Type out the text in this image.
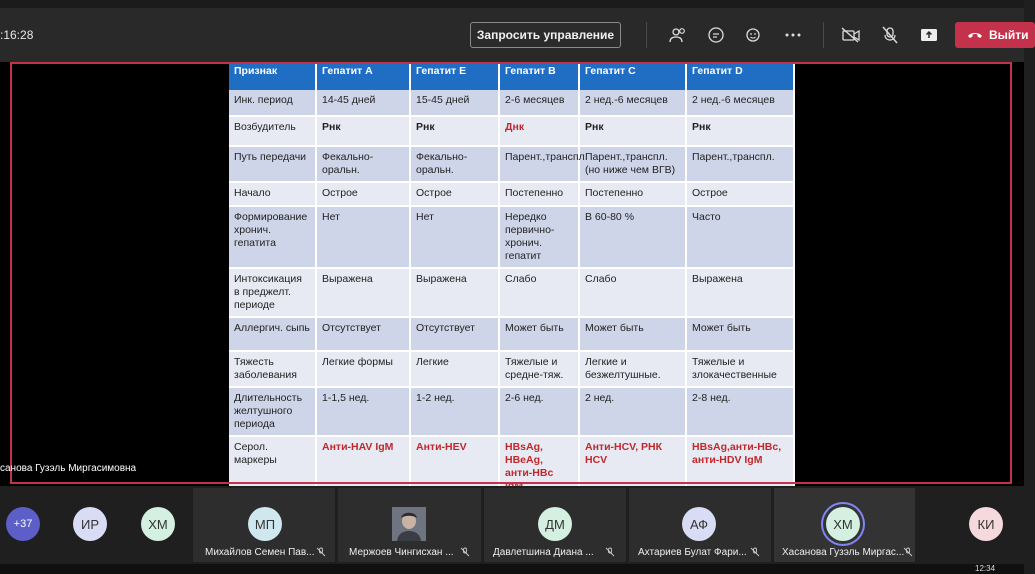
:16:28	Запросить управление	Выйти
Признак	Гепатит А	Гепатит Е	Гепатит В	Гепатит С	Гепатит D
Инк. период	14-45 дней	15-45 дней	2-6 месяцев	2 нед.-6 месяцев	2 нед.-6 месяцев
Возбудитель	Рнк	Рнк	Днк	Рнк	Рнк
Путь передачи	Фекально-оральн.	Фекально-оральн.	Парент.,транспл	Парент.,транспл.(но ниже чем ВГВ)	Парент.,транспл.
Начало	Острое	Острое	Постепенно	Постепенно	Острое
Формирование хронич. гепатита	Нет	Нет	Нередко первично-хронич. гепатит	В 60-80 %	Часто
Интоксикация в преджелт. периоде	Выражена	Выражена	Слабо	Слабо	Выражена
Аллергич. сыпь	Отсутствует	Отсутствует	Может быть	Может быть	Может быть
Тяжесть заболевания	Легкие формы	Легкие	Тяжелые и средне-тяж.	Легкие и безжелтушные.	Тяжелые и злокачественные
Длительность желтушного периода	1-1,5 нед.	1-2 нед.	2-6 нед.	2 нед.	2-8 нед.
Серол. маркеры	Анти-HAV IgM	Анти-HEV	HBsAg, HBeAg, анти-HBc	Анти-HCV, РНК HCV	HBsAg,анти-HBc, анти-HDV IgM
санова Гузэль Миргасимовна
+37	ИР	ХМ	МП	ДМ	АФ	ХМ
Михайлов Семен Пав...	Мержоев Чингисхан ...	Давлетшина Диана ...	Ахтариев Булат Фари...	Хасанова Гузэль Миргас...
КИ
12:34
